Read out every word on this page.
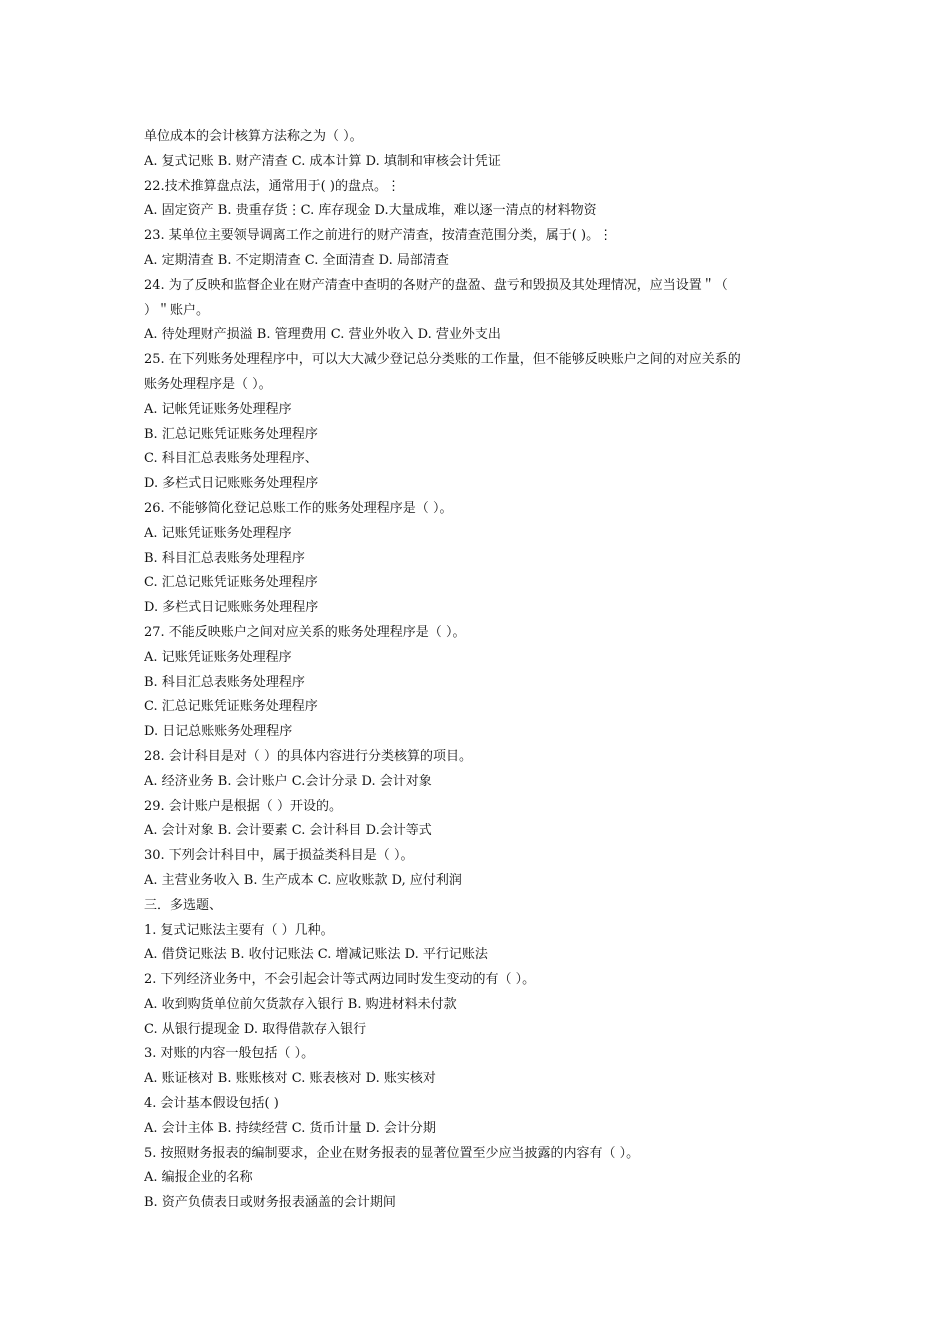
单位成本的会计核算方法称之为（ ）。
A. 复式记账 B. 财产清查 C. 成本计算 D. 填制和审核会计凭证
22.技术推算盘点法，通常用于( )的盘点。⋮
A. 固定资产 B. 贵重存货⋮C. 库存现金 D.大量成堆，难以逐一清点的材料物资
23. 某单位主要领导调离工作之前进行的财产清查，按清查范围分类，属于( )。⋮
A. 定期清查 B. 不定期清查 C. 全面清查 D. 局部清查
24. 为了反映和监督企业在财产清查中查明的各财产的盘盈、盘亏和毁损及其处理情况，应当设置＂（
）＂账户。
A. 待处理财产损溢 B. 管理费用 C. 营业外收入 D. 营业外支出
25. 在下列账务处理程序中，可以大大减少登记总分类账的工作量，但不能够反映账户之间的对应关系的
账务处理程序是（ ）。
A. 记帐凭证账务处理程序
B. 汇总记账凭证账务处理程序
C. 科目汇总表账务处理程序、
D. 多栏式日记账账务处理程序
26. 不能够简化登记总账工作的账务处理程序是（ ）。
A. 记账凭证账务处理程序
B. 科目汇总表账务处理程序
C. 汇总记账凭证账务处理程序
D. 多栏式日记账账务处理程序
27. 不能反映账户之间对应关系的账务处理程序是（ ）。
A. 记账凭证账务处理程序
B. 科目汇总表账务处理程序
C. 汇总记账凭证账务处理程序
D. 日记总账账务处理程序
28. 会计科目是对（ ）的具体内容进行分类核算的项目。
A. 经济业务 B. 会计账户 C.会计分录 D. 会计对象
29. 会计账户是根据（ ）开设的。
A. 会计对象 B. 会计要素 C. 会计科目 D.会计等式
30. 下列会计科目中，属于损益类科目是（ ）。
A. 主营业务收入 B. 生产成本 C. 应收账款 D, 应付利润
三．多选题、
1. 复式记账法主要有（ ）几种。
A. 借贷记账法 B. 收付记账法 C. 增减记账法 D. 平行记账法
2. 下列经济业务中，不会引起会计等式两边同时发生变动的有（ ）。
A. 收到购货单位前欠货款存入银行 B. 购进材料未付款
C. 从银行提现金 D. 取得借款存入银行
3. 对账的内容一般包括（ ）。
A. 账证核对 B. 账账核对 C. 账表核对 D. 账实核对
4. 会计基本假设包括( )
A. 会计主体 B. 持续经营 C. 货币计量 D. 会计分期
5. 按照财务报表的编制要求，企业在财务报表的显著位置至少应当披露的内容有（ ）。
A. 编报企业的名称
B. 资产负债表日或财务报表涵盖的会计期间
